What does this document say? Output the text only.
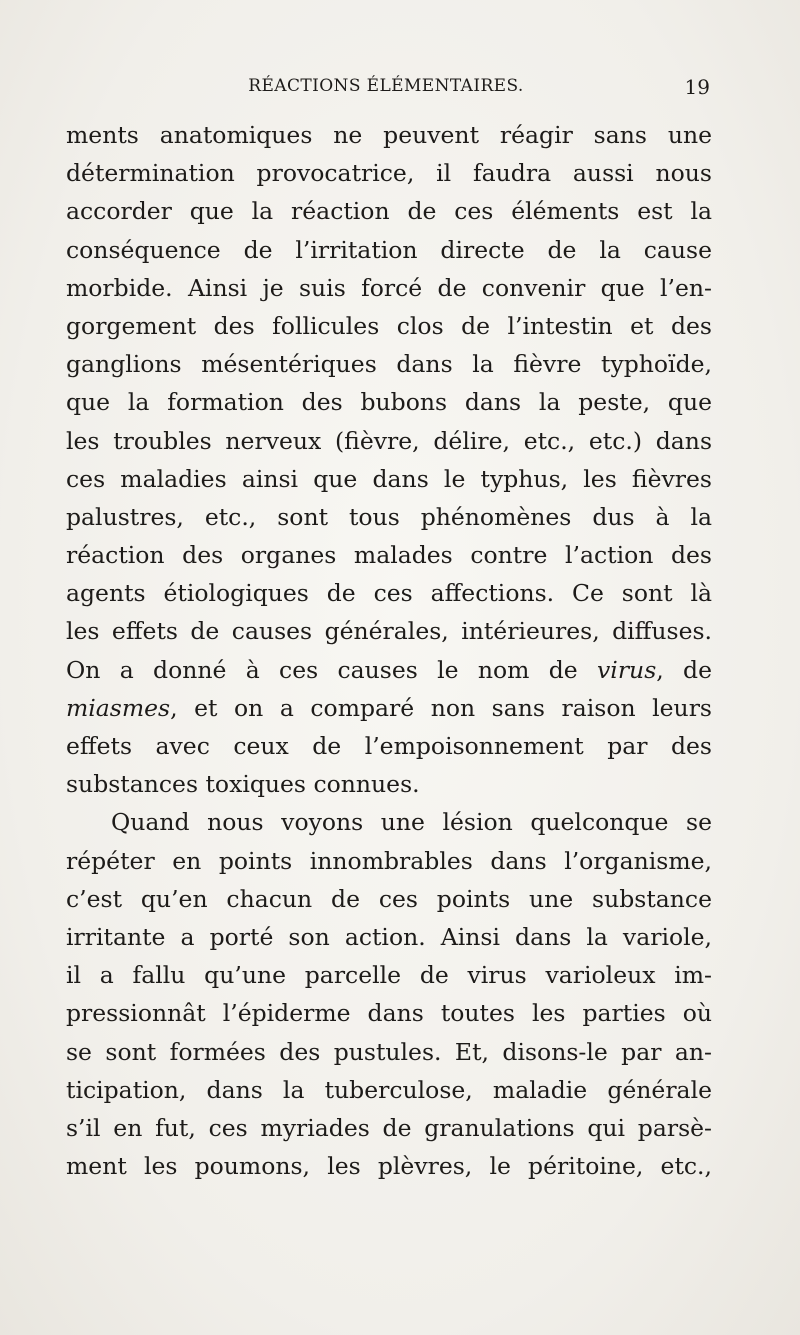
RÉACTIONS ÉLÉMENTAIRES.	19
ments anatomiques ne peuvent réagir sans une
détermination provocatrice, il faudra aussi nous
accorder que la réaction de ces éléments est la
conséquence de l’irritation directe de la cause
morbide. Ainsi je suis forcé de convenir que l’en-
gorgement des follicules clos de l’intestin et des
ganglions mésentériques dans la fièvre typhoïde,
que la formation des bubons dans la peste, que
les troubles nerveux (fièvre, délire, etc., etc.) dans
ces maladies ainsi que dans le typhus, les fièvres
palustres, etc., sont tous phénomènes dus à la
réaction des organes malades contre l’action des
agents étiologiques de ces affections. Ce sont là
les effets de causes générales, intérieures, diffuses.
On a donné à ces causes le nom de virus, de
miasmes, et on a comparé non sans raison leurs
effets avec ceux de l’empoisonnement par des
substances toxiques connues.
Quand nous voyons une lésion quelconque se
répéter en points innombrables dans l’organisme,
c’est qu’en chacun de ces points une substance
irritante a porté son action. Ainsi dans la variole,
il a fallu qu’une parcelle de virus varioleux im-
pressionnât l’épiderme dans toutes les parties où
se sont formées des pustules. Et, disons-le par an-
ticipation, dans la tuberculose, maladie générale
s’il en fut, ces myriades de granulations qui parsè-
ment les poumons, les plèvres, le péritoine, etc.,
